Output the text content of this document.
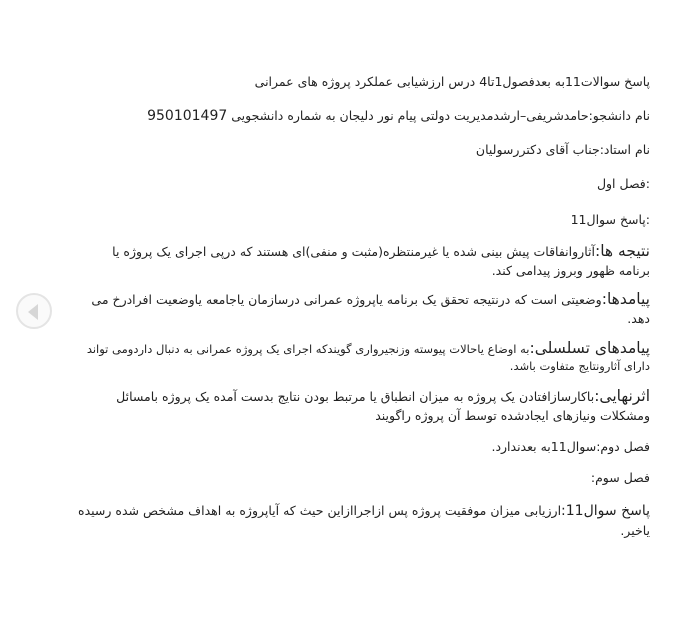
پاسخ سوالات11به بعدفصول1تا4 درس ارزشیابی عملکرد پروژه های عمرانی

نام دانشجو:حامدشریفی–ارشدمدیریت دولتی پیام نور دلیجان به شماره دانشجویی 950101497

نام استاد:جناب آقای دکتررسولیان

:فصل اول

:پاسخ سوال11

نتیجه ها:آثاروانفاقات پیش بینی شده یا غیرمنتظره(مثبت و منفی)ای هستند که درپی اجرای یک پروژه یا برنامه ظهور وبروز پیدامی کند.

پیامدها:وضعیتی است که درنتیجه تحقق یک برنامه یاپروژه عمرانی درسازمان یاجامعه یاوضعیت افرادرخ می دهد.

پیامدهای تسلسلی:به اوضاع یاحالات پیوسته وزنجیرواری گویندکه اجرای یک پروژه عمرانی به دنبال داردومی تواند دارای آثارونتایج متفاوت باشد.

اثرنهایی:باکارسازافتادن یک پروژه به میزان انطباق یا مرتبط بودن نتایج بدست آمده یک پروژه بامسائل ومشکلات ونیازهای ایجادشده توسط آن پروژه راگویند

فصل دوم:سوال11به بعدندارد.

فصل سوم:

پاسخ سوال11:ارزیابی میزان موفقیت پروژه پس ازاجراازاین حیث که آیاپروژه به اهداف مشخص شده رسیده یاخیر.
